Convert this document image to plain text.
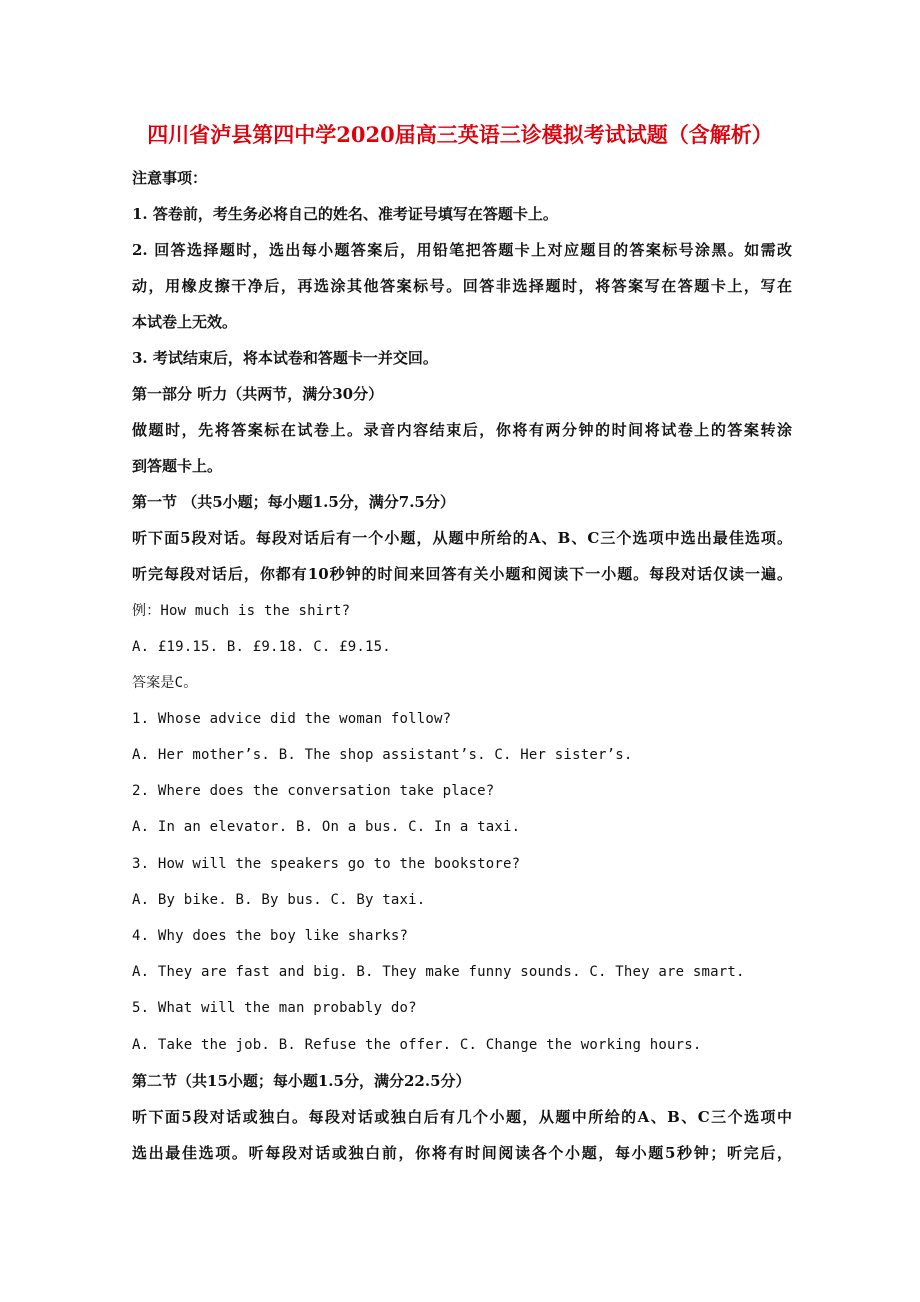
四川省泸县第四中学2020届高三英语三诊模拟考试试题（含解析）
注意事项：
1. 答卷前，考生务必将自己的姓名、准考证号填写在答题卡上。
2. 回答选择题时，选出每小题答案后，用铅笔把答题卡上对应题目的答案标号涂黑。如需改
动，用橡皮擦干净后，再选涂其他答案标号。回答非选择题时，将答案写在答题卡上，写在
本试卷上无效。
3. 考试结束后，将本试卷和答题卡一并交回。
第一部分 听力（共两节，满分30分）
做题时，先将答案标在试卷上。录音内容结束后，你将有两分钟的时间将试卷上的答案转涂
到答题卡上。
第一节 （共5小题；每小题1.5分，满分7.5分）
听下面5段对话。每段对话后有一个小题，从题中所给的A、B、C三个选项中选出最佳选项。
听完每段对话后，你都有10秒钟的时间来回答有关小题和阅读下一小题。每段对话仅读一遍。
例：How much is the shirt?
A. £19.15. B. £9.18. C. £9.15.
答案是C。
1. Whose advice did the woman follow?
A. Her mother’s. B. The shop assistant’s. C. Her sister’s.
2. Where does the conversation take place?
A. In an elevator. B. On a bus. C. In a taxi.
3. How will the speakers go to the bookstore?
A. By bike. B. By bus. C. By taxi.
4. Why does the boy like sharks?
A. They are fast and big. B. They make funny sounds. C. They are smart.
5. What will the man probably do?
A. Take the job. B. Refuse the offer. C. Change the working hours.
第二节（共15小题；每小题1.5分，满分22.5分）
听下面5段对话或独白。每段对话或独白后有几个小题，从题中所给的A、B、C三个选项中
选出最佳选项。听每段对话或独白前，你将有时间阅读各个小题，每小题5秒钟；听完后，
